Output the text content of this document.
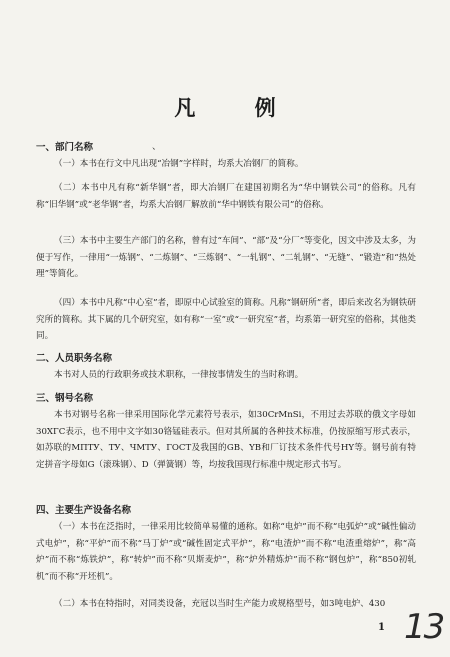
凡 例
、
一、部门名称
（一）本书在行文中凡出现“冶钢”字样时，均系大冶钢厂的简称。
（二）本书中凡有称“新华钢”者，即大冶钢厂在建国初期名为“华中钢铁公司”的俗称。凡有称“旧华钢”或“老华钢”者，均系大冶钢厂解放前“华中钢铁有限公司”的俗称。
（三）本书中主要生产部门的名称，曾有过“车间”、“部”及“分厂”等变化，因文中涉及太多，为便于写作，一律用“一炼钢”、“二炼钢”、“三炼钢”、“一轧钢”、“二轧钢”、“无缝”、“锻造”和“热处理”等简化。
（四）本书中凡称“中心室”者，即原中心试验室的简称。凡称“钢研所”者，即后来改名为钢铁研究所的简称。其下属的几个研究室，如有称“一室”或“一研究室”者，均系第一研究室的俗称，其他类同。
二、人员职务名称
本书对人员的行政职务或技术职称，一律按事情发生的当时称谓。
三、钢号名称
本书对钢号名称一律采用国际化学元素符号表示，如30CrMnSi，不用过去苏联的俄文字母如30XГС表示，也不用中文字如30铬锰硅表示。但对其所属的各种技术标准，仍按原缩写形式表示，如苏联的МПТУ、ТУ、ЧМТУ、ГОСТ及我国的GB、YB和厂订技术条件代号HY等。钢号前有特定拼音字母如G（滚珠钢）、D（弹簧钢）等，均按我国现行标准中规定形式书写。
四、主要生产设备名称
（一）本书在泛指时，一律采用比较简单易懂的通称。如称“电炉”而不称“电弧炉”或“碱性偏动式电炉”，称“平炉”而不称“马丁炉”或“碱性固定式平炉”，称“电渣炉”而不称“电渣重熔炉”，称“高炉”而不称“炼铁炉”，称“转炉”而不称“贝斯麦炉”，称“炉外精炼炉”而不称“钢包炉”，称“850初轧机”而不称“开坯机”。
（二）本书在特指时，对同类设备，充冠以当时生产能力或规格型号，如3吨电炉、430
1 13
